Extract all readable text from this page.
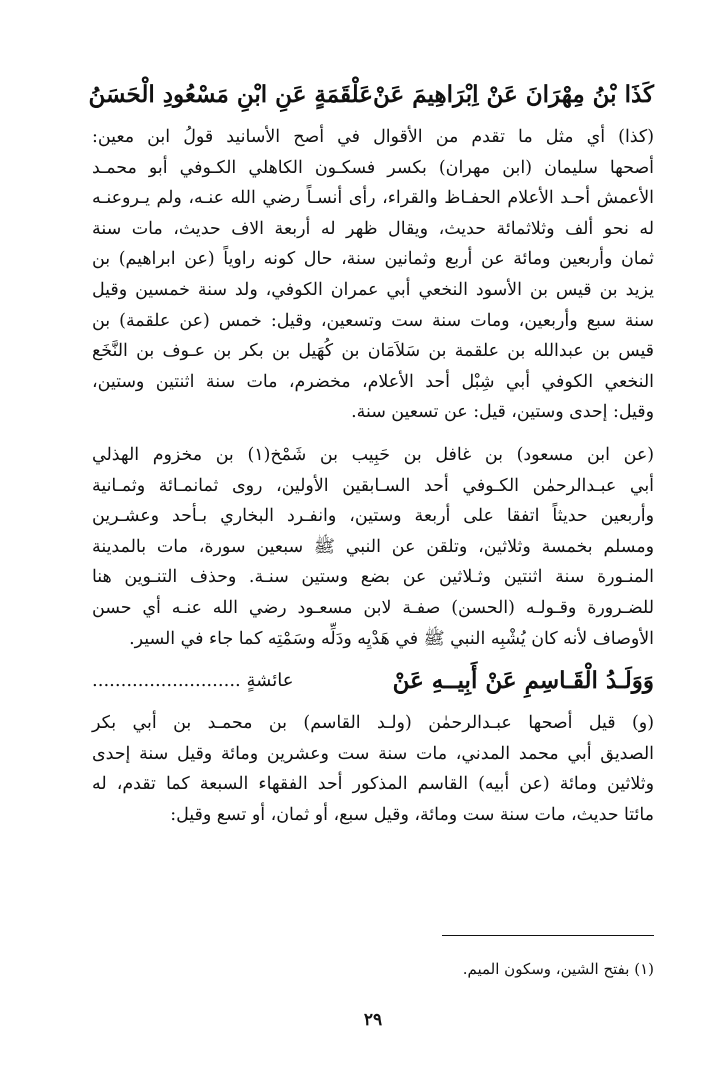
كَذَا بْنُ مِهْرَانَ عَنْ اِبْرَاهِيمَ عَنْ
عَلْقَمَةٍ عَنِ ابْنِ مَسْعُودِ الْحَسَنُ

(كذا) أي مثل ما تقدم من الأقوال في أصح الأسانيد قولُ ابن معين:
أصحها سليمان (ابن مهران) بكسر فسكـون الكاهلي الكـوفي أبو محمـد
الأعمش أحـد الأعلام الحفـاظ والقراء، رأى أنسـاً رضي الله عنـه، ولم يـروعنـه
له نحو ألف وثلاثمائة حديث، ويقال ظهر له أربعة الاف حديث، مات سنة
ثمان وأربعين ومائة عن أربع وثمانين سنة، حال كونه راوياً (عن ابراهيم) بن
يزيد بن قيس بن الأسود النخعي أبي عمران الكوفي، ولد سنة خمسين وقيل
سنة سبع وأربعين، ومات سنة ست وتسعين، وقيل: خمس (عن علقمة) بن
قيس بن عبدالله بن علقمة بن سَلاَمَان بن كُهَيل بن بكر بن عـوف بن النَّخَع
النخعي الكوفي أبي شِبْل أحد الأعلام، مخضرم، مات سنة اثنتين وستين،
وقيل: إحدى وستين، قيل: عن تسعين سنة.

(عن ابن مسعود) بن غافل بن حَبِيب بن شَمْخ(١) بن مخزوم الهذلي
أبي عبـدالرحمٰن الكـوفي أحد السـابقين الأولين، روى ثمانمـائة وثمـانية
وأربعين حديثاً اتفقا على أربعة وستين، وانفـرد البخاري بـأحد وعشـرين
ومسلم بخمسة وثلاثين، وتلقن عن النبي ﷺ سبعين سورة، مات بالمدينة
المنـورة سنة اثنتين وثـلاثين عن بضع وستين سنـة. وحذف التنـوين هنا
للضـرورة وقـولـه (الحسن) صفـة لابن مسعـود رضي الله عنـه أي حسن
الأوصاف لأنه كان يُشْبِه النبي ﷺ في هَدْيِه ودَلِّه وسَمْتِه كما جاء في السير.

وَوَلَـدُ الْقَـاسِمِ عَنْ أَبِيــهِ عَنْ
عائشةٍ ..........................

(و) قيل أصحها عبـدالرحمٰن (ولـد القاسم) بن محمـد بن أبي بكر
الصديق أبي محمد المدني، مات سنة ست وعشرين ومائة وقيل سنة إحدى
وثلاثين ومائة (عن أبيه) القاسم المذكور أحد الفقهاء السبعة كما تقدم، له
مائتا حديث، مات سنة ست ومائة، وقيل سبع، أو ثمان، أو تسع وقيل:

(١) بفتح الشين، وسكون الميم.
٢٩
